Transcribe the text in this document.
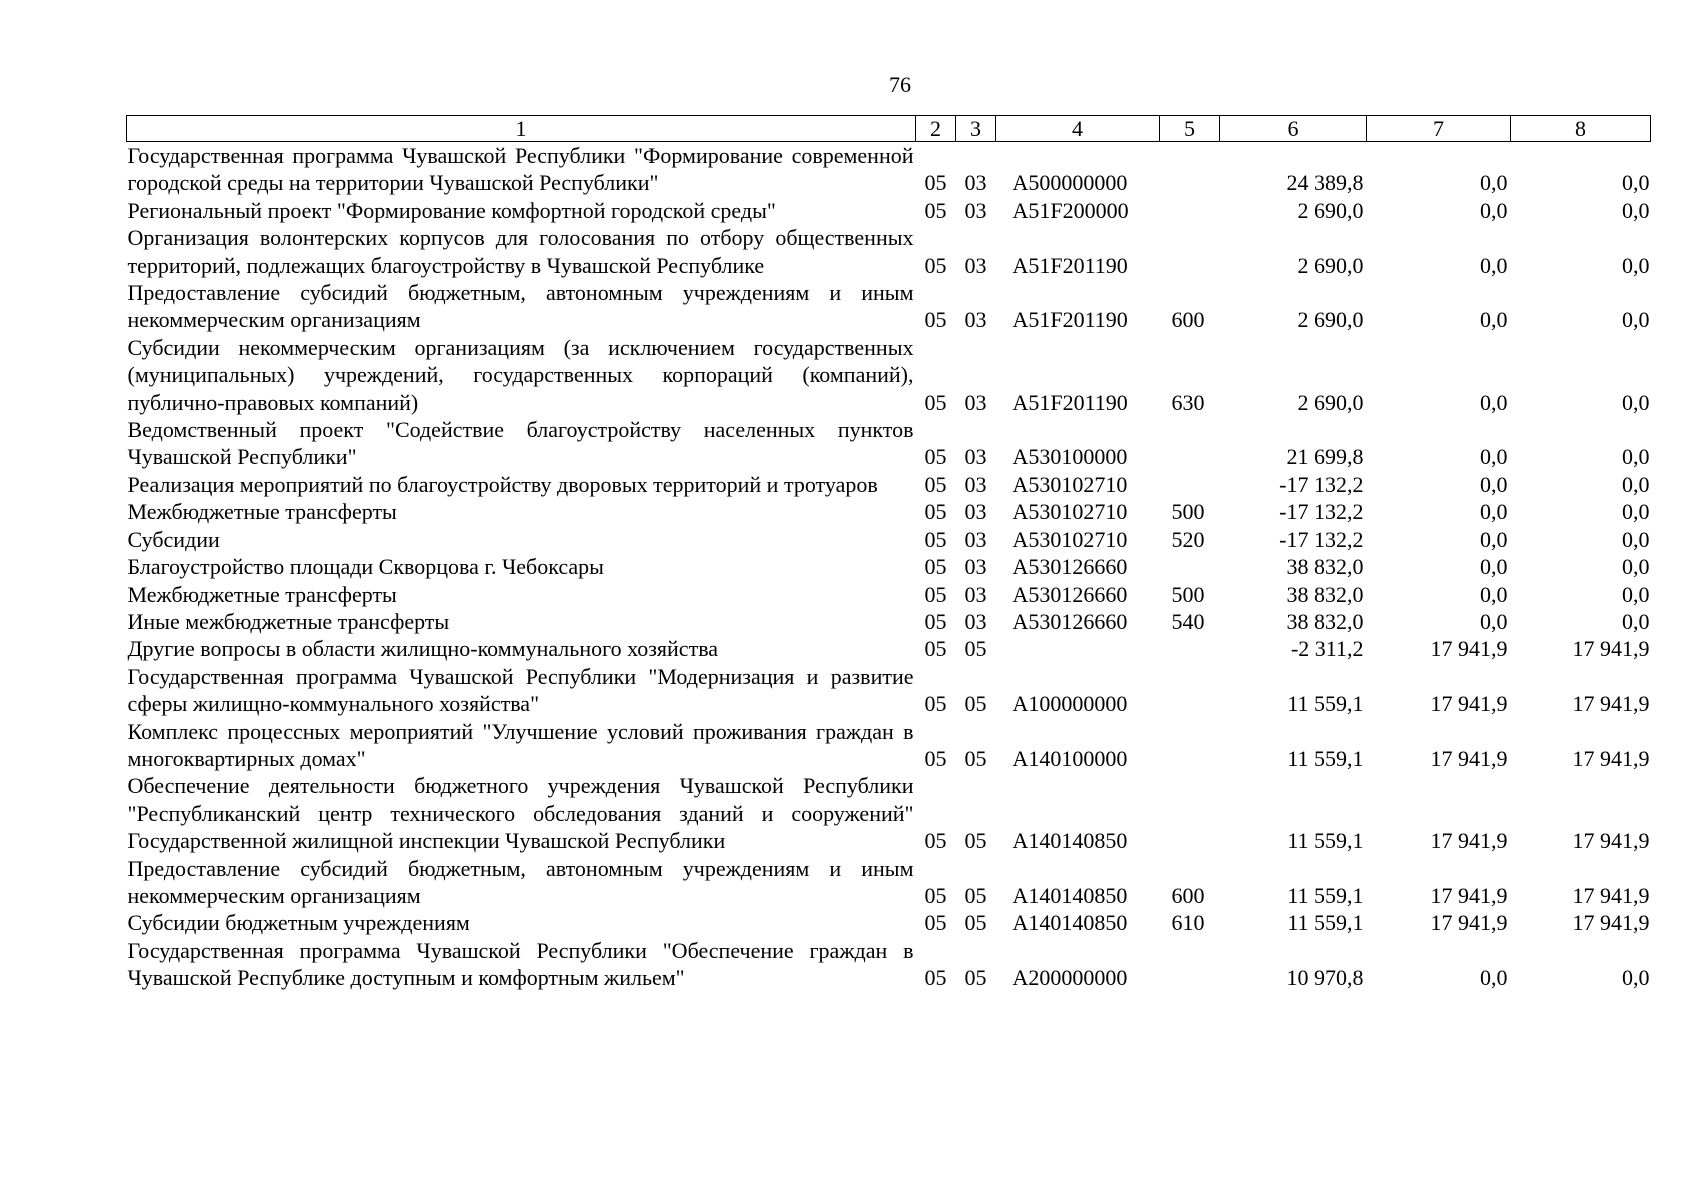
76
1	2	3	4	5	6	7	8
Государственная программа Чувашской Республики "Формирование современной городской среды на территории Чувашской Республики"	05	03	А500000000		24 389,8	0,0	0,0
Региональный проект "Формирование комфортной городской среды"	05	03	А51F200000		2 690,0	0,0	0,0
Организация волонтерских корпусов для голосования по отбору общественных территорий, подлежащих благоустройству в Чувашской Республике	05	03	А51F201190		2 690,0	0,0	0,0
Предоставление субсидий бюджетным, автономным учреждениям и иным некоммерческим организациям	05	03	А51F201190	600	2 690,0	0,0	0,0
Субсидии некоммерческим организациям (за исключением государственных (муниципальных) учреждений, государственных корпораций (компаний), публично-правовых компаний)	05	03	А51F201190	630	2 690,0	0,0	0,0
Ведомственный проект "Содействие благоустройству населенных пунктов Чувашской Республики"	05	03	А530100000		21 699,8	0,0	0,0
Реализация мероприятий по благоустройству дворовых территорий и тротуаров	05	03	А530102710		-17 132,2	0,0	0,0
Межбюджетные трансферты	05	03	А530102710	500	-17 132,2	0,0	0,0
Субсидии	05	03	А530102710	520	-17 132,2	0,0	0,0
Благоустройство площади Скворцова г. Чебоксары	05	03	А530126660		38 832,0	0,0	0,0
Межбюджетные трансферты	05	03	А530126660	500	38 832,0	0,0	0,0
Иные межбюджетные трансферты	05	03	А530126660	540	38 832,0	0,0	0,0
Другие вопросы в области жилищно-коммунального хозяйства	05	05			-2 311,2	17 941,9	17 941,9
Государственная программа Чувашской Республики "Модернизация и развитие сферы жилищно-коммунального хозяйства"	05	05	А100000000		11 559,1	17 941,9	17 941,9
Комплекс процессных мероприятий "Улучшение условий проживания граждан в многоквартирных домах"	05	05	А140100000		11 559,1	17 941,9	17 941,9
Обеспечение деятельности бюджетного учреждения Чувашской Республики "Республиканский центр технического обследования зданий и сооружений" Государственной жилищной инспекции Чувашской Республики	05	05	А140140850		11 559,1	17 941,9	17 941,9
Предоставление субсидий бюджетным, автономным учреждениям и иным некоммерческим организациям	05	05	А140140850	600	11 559,1	17 941,9	17 941,9
Субсидии бюджетным учреждениям	05	05	А140140850	610	11 559,1	17 941,9	17 941,9
Государственная программа Чувашской Республики "Обеспечение граждан в Чувашской Республике доступным и комфортным жильем"	05	05	А200000000		10 970,8	0,0	0,0
